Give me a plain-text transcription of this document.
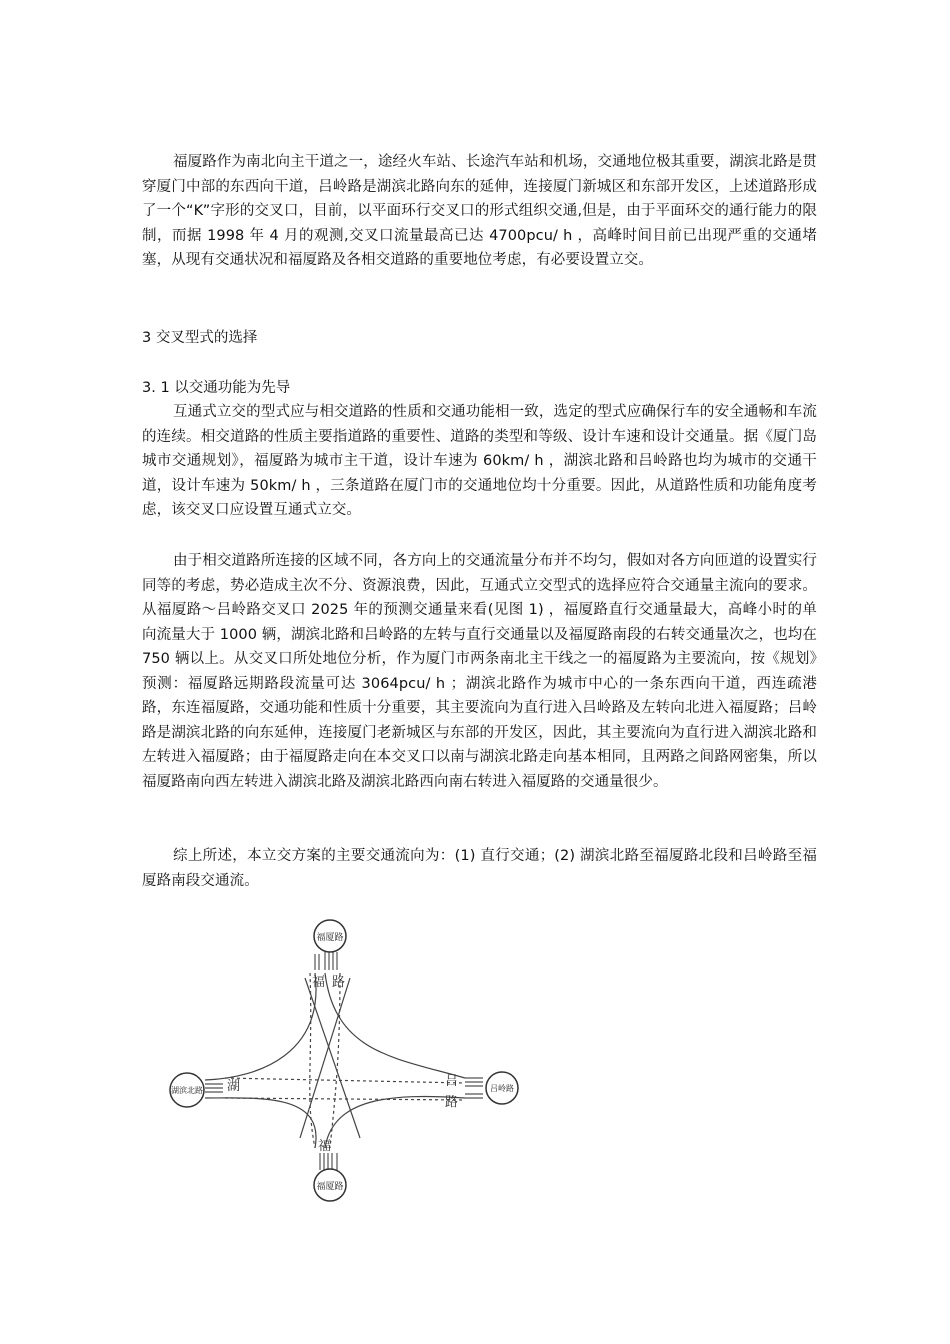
福厦路作为南北向主干道之一，途经火车站、长途汽车站和机场，交通地位极其重要，湖滨北路是贯穿厦门中部的东西向干道，吕岭路是湖滨北路向东的延伸，连接厦门新城区和东部开发区，上述道路形成了一个“K”字形的交叉口，目前，以平面环行交叉口的形式组织交通,但是，由于平面环交的通行能力的限制，而据 1998 年 4 月的观测,交叉口流量最高已达 4700pcu/ h ，高峰时间目前已出现严重的交通堵塞，从现有交通状况和福厦路及各相交道路的重要地位考虑，有必要设置立交。

3 交叉型式的选择

3. 1 以交通功能为先导

互通式立交的型式应与相交道路的性质和交通功能相一致，选定的型式应确保行车的安全通畅和车流的连续。相交道路的性质主要指道路的重要性、道路的类型和等级、设计车速和设计交通量。据《厦门岛城市交通规划》，福厦路为城市主干道，设计车速为 60km/ h ，湖滨北路和吕岭路也均为城市的交通干道，设计车速为 50km/ h ，三条道路在厦门市的交通地位均十分重要。因此，从道路性质和功能角度考虑，该交叉口应设置互通式立交。

由于相交道路所连接的区域不同，各方向上的交通流量分布并不均匀，假如对各方向匝道的设置实行同等的考虑，势必造成主次不分、资源浪费，因此，互通式立交型式的选择应符合交通量主流向的要求。从福厦路～吕岭路交叉口 2025 年的预测交通量来看(见图 1) ，福厦路直行交通量最大，高峰小时的单向流量大于 1000 辆，湖滨北路和吕岭路的左转与直行交通量以及福厦路南段的右转交通量次之，也均在 750 辆以上。从交叉口所处地位分析，作为厦门市两条南北主干线之一的福厦路为主要流向，按《规划》预测：福厦路远期路段流量可达 3064pcu/ h ；湖滨北路作为城市中心的一条东西向干道，西连疏港路，东连福厦路，交通功能和性质十分重要，其主要流向为直行进入吕岭路及左转向北进入福厦路；吕岭路是湖滨北路的向东延伸，连接厦门老新城区与东部的开发区，因此，其主要流向为直行进入湖滨北路和左转进入福厦路；由于福厦路走向在本交叉口以南与湖滨北路走向基本相同，且两路之间路网密集，所以福厦路南向西左转进入湖滨北路及湖滨北路西向南右转进入福厦路的交通量很少。

综上所述，本立交方案的主要交通流向为：(1) 直行交通；(2) 湖滨北路至福厦路北段和吕岭路至福厦路南段交通流。

福 路
湖	吕
路
福
福厦路
福厦路
湖滨北路	吕岭路
